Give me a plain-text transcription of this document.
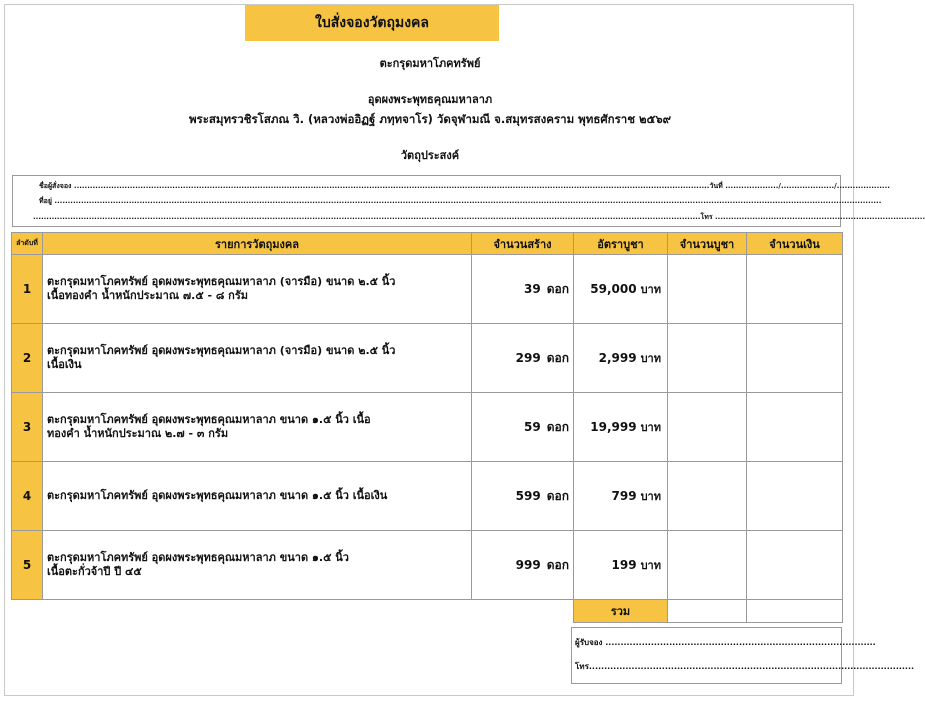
ใบสั่งจองวัตถุมงคล
ตะกรุดมหาโภคทรัพย์
อุดผงพระพุทธคุณมหาลาภ
พระสมุทรวชิรโสภณ วิ. (หลวงพ่ออิฏฐ์ ภทฺทจาโร) วัดจุฬามณี จ.สมุทรสงคราม พุทธศักราช ๒๕๖๙
วัตถุประสงค์
ชื่อผู้สั่งจอง ...............................................................................................................................................................................................................................................วันที่ ..................../..................../....................
ที่อยู่ .......................................................................................................................................................................................................................................................................................................................
...........................................................................................................................................................................................................................................................โทร ...............................................................................
ลำดับที่	รายการวัตถุมงคล	จำนวนสร้าง	อัตราบูชา	จำนวนบูชา	จำนวนเงิน
1	ตะกรุดมหาโภคทรัพย์ อุดผงพระพุทธคุณมหาลาภ (จารมือ) ขนาด ๒.๕ นิ้ว
เนื้อทองคำ น้ำหนักประมาณ ๗.๕ - ๘ กรัม	39 ดอก	59,000 บาท		
2	ตะกรุดมหาโภคทรัพย์ อุดผงพระพุทธคุณมหาลาภ (จารมือ) ขนาด ๒.๕ นิ้ว
เนื้อเงิน	299 ดอก	2,999 บาท		
3	ตะกรุดมหาโภคทรัพย์ อุดผงพระพุทธคุณมหาลาภ ขนาด ๑.๕ นิ้ว เนื้อ
ทองคำ น้ำหนักประมาณ ๒.๗ - ๓ กรัม	59 ดอก	19,999 บาท		
4	ตะกรุดมหาโภคทรัพย์ อุดผงพระพุทธคุณมหาลาภ ขนาด ๑.๕ นิ้ว เนื้อเงิน	599 ดอก	799 บาท		
5	ตะกรุดมหาโภคทรัพย์ อุดผงพระพุทธคุณมหาลาภ ขนาด ๑.๕ นิ้ว
เนื้อตะกั่วจ้าปี ปี ๔๕	999 ดอก	199 บาท		
			รวม		
ผู้รับจอง .........................................................................................
โทร...........................................................................................................
